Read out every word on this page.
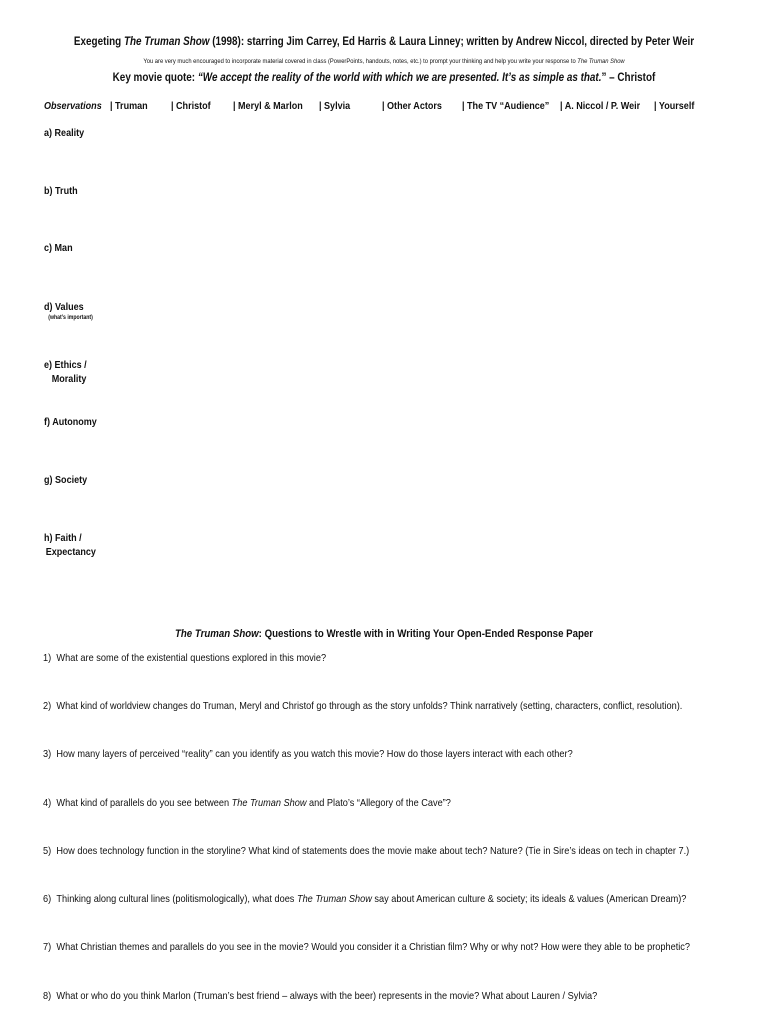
Exegeting The Truman Show (1998): starring Jim Carrey, Ed Harris & Laura Linney; written by Andrew Niccol, directed by Peter Weir
You are very much encouraged to incorporate material covered in class (PowerPoints, handouts, notes, etc.) to prompt your thinking and help you write your response to The Truman Show
Key movie quote: “We accept the reality of the world with which we are presented. It’s as simple as that.” – Christof
Observations | Truman | Christof | Meryl & Marlon | Sylvia	| Other Actors | The TV “Audience” | A. Niccol / P. Weir | Yourself
a) Reality
b) Truth
c) Man
d) Values
(what’s important)
e) Ethics /
Morality
f) Autonomy
g) Society
h) Faith /
Expectancy
The Truman Show: Questions to Wrestle with in Writing Your Open-Ended Response Paper
1) What are some of the existential questions explored in this movie?
2) What kind of worldview changes do Truman, Meryl and Christof go through as the story unfolds? Think narratively (setting, characters, conflict, resolution).
3) How many layers of perceived “reality” can you identify as you watch this movie? How do those layers interact with each other?
4) What kind of parallels do you see between The Truman Show and Plato’s “Allegory of the Cave”?
5) How does technology function in the storyline? What kind of statements does the movie make about tech? Nature? (Tie in Sire’s ideas on tech in chapter 7.)
6) Thinking along cultural lines (politismologically), what does The Truman Show say about American culture & society; its ideals & values (American Dream)?
7) What Christian themes and parallels do you see in the movie? Would you consider it a Christian film? Why or why not? How were they able to be prophetic?
8) What or who do you think Marlon (Truman’s best friend – always with the beer) represents in the movie? What about Lauren / Sylvia?
